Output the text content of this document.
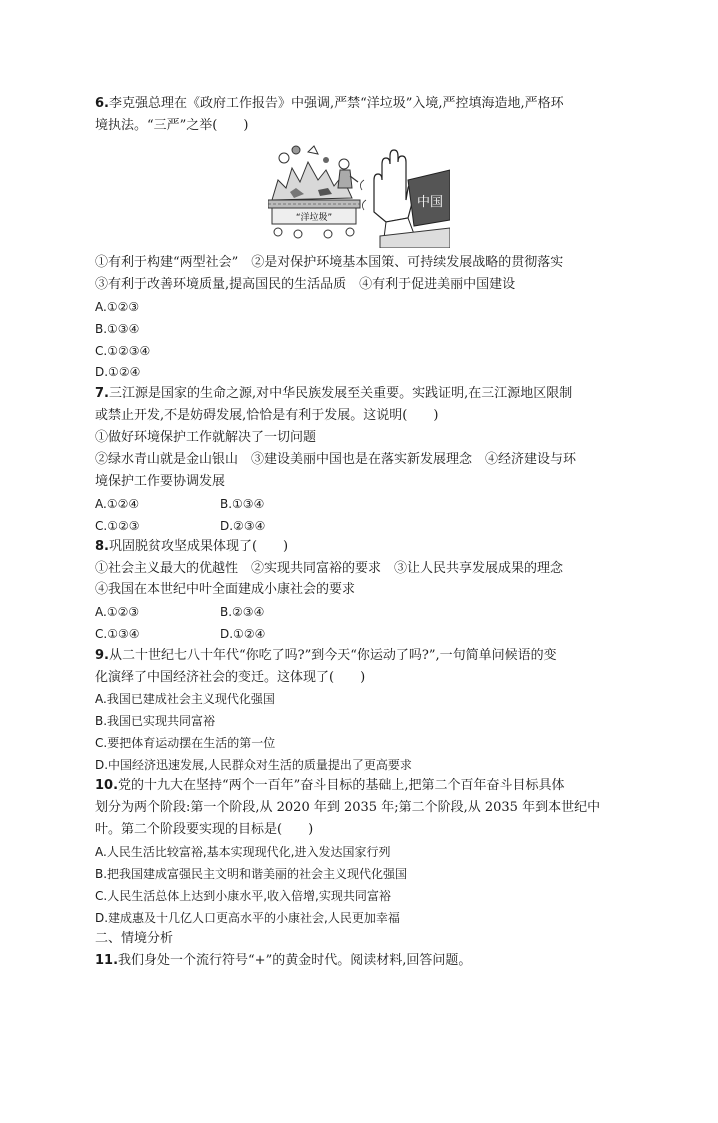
6.李克强总理在《政府工作报告》中强调,严禁“洋垃圾”入境,严控填海造地,严格环
境执法。“三严”之举(　　)
“洋垃圾”
中国
①有利于构建“两型社会”　②是对保护环境基本国策、可持续发展战略的贯彻落实
③有利于改善环境质量,提高国民的生活品质　④有利于促进美丽中国建设
A.①②③
B.①③④
C.①②③④
D.①②④
7.三江源是国家的生命之源,对中华民族发展至关重要。实践证明,在三江源地区限制
或禁止开发,不是妨碍发展,恰恰是有利于发展。这说明(　　)
①做好环境保护工作就解决了一切问题
②绿水青山就是金山银山　③建设美丽中国也是在落实新发展理念　④经济建设与环
境保护工作要协调发展
A.①②④	B.①③④
C.①②③	D.②③④
8.巩固脱贫攻坚成果体现了(　　)
①社会主义最大的优越性　②实现共同富裕的要求　③让人民共享发展成果的理念
④我国在本世纪中叶全面建成小康社会的要求
A.①②③	B.②③④
C.①③④	D.①②④
9.从二十世纪七八十年代“你吃了吗?”到今天“你运动了吗?”,一句简单问候语的变
化演绎了中国经济社会的变迁。这体现了(　　)
A.我国已建成社会主义现代化强国
B.我国已实现共同富裕
C.要把体育运动摆在生活的第一位
D.中国经济迅速发展,人民群众对生活的质量提出了更高要求
10.党的十九大在坚持“两个一百年”奋斗目标的基础上,把第二个百年奋斗目标具体
划分为两个阶段:第一个阶段,从 2020 年到 2035 年;第二个阶段,从 2035 年到本世纪中
叶。第二个阶段要实现的目标是(　　)
A.人民生活比较富裕,基本实现现代化,进入发达国家行列
B.把我国建成富强民主文明和谐美丽的社会主义现代化强国
C.人民生活总体上达到小康水平,收入倍增,实现共同富裕
D.建成惠及十几亿人口更高水平的小康社会,人民更加幸福
二、情境分析
11.我们身处一个流行符号“+”的黄金时代。阅读材料,回答问题。
